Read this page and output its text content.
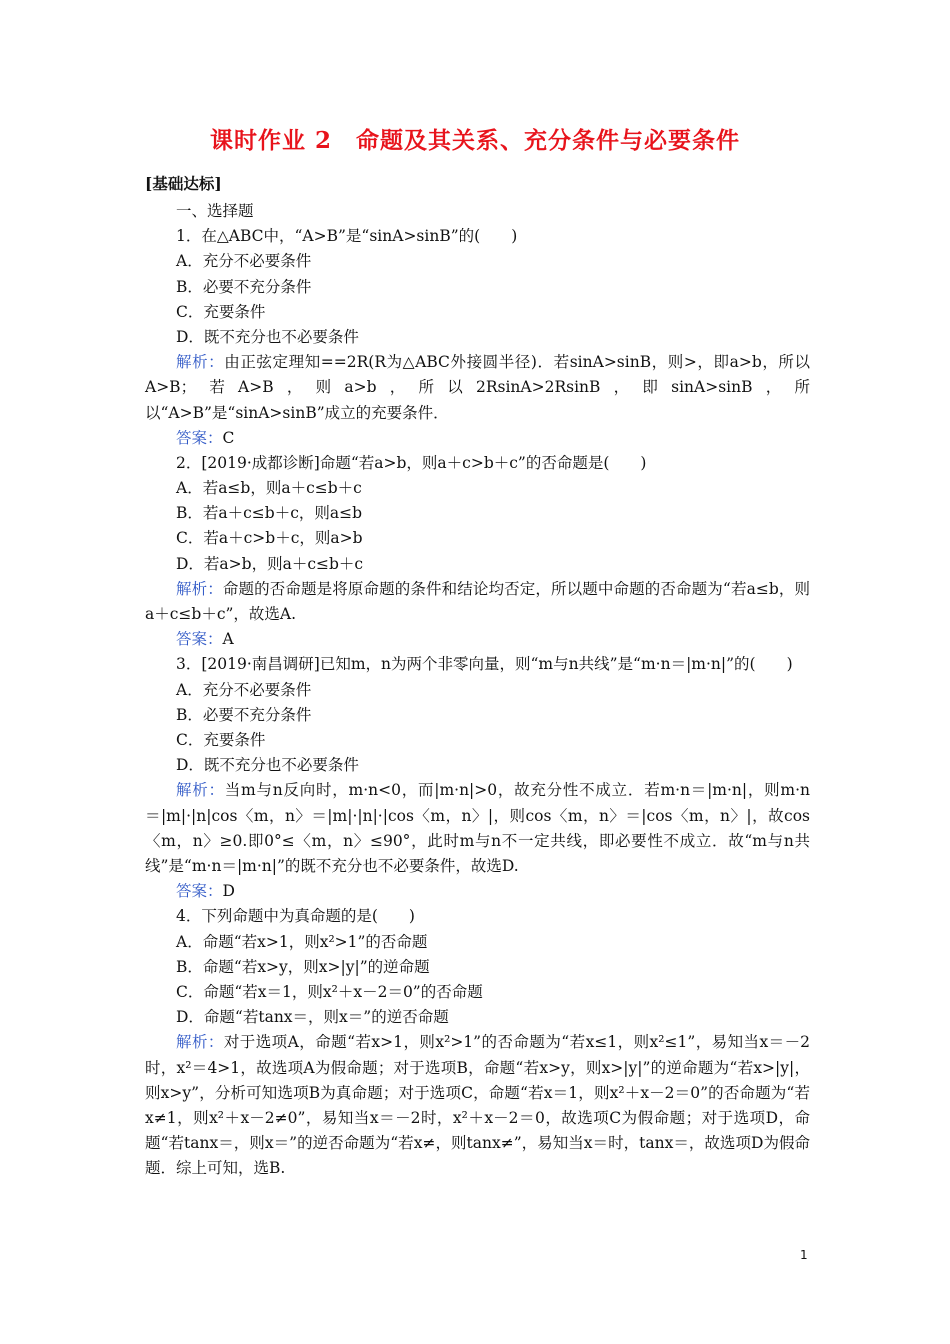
课时作业 2　命题及其关系、充分条件与必要条件
[基础达标]
一、选择题
1．在△ABC中，“A>B”是“sinA>sinB”的(　　)
A．充分不必要条件
B．必要不充分条件
C．充要条件
D．既不充分也不必要条件
解析：由正弦定理知==2R(R为△ABC外接圆半径)．若sinA>sinB，则>，即a>b，所以A>B；若A>B，则a>b，所以2RsinA>2RsinB，即sinA>sinB，所以“A>B”是“sinA>sinB”成立的充要条件．
答案：C
2．[2019·成都诊断]命题“若a>b，则a＋c>b＋c”的否命题是(　　)
A．若a≤b，则a＋c≤b＋c
B．若a＋c≤b＋c，则a≤b
C．若a＋c>b＋c，则a>b
D．若a>b，则a＋c≤b＋c
解析：命题的否命题是将原命题的条件和结论均否定，所以题中命题的否命题为“若a≤b，则a＋c≤b＋c”，故选A.
答案：A
3．[2019·南昌调研]已知m，n为两个非零向量，则“m与n共线”是“m·n＝|m·n|”的(　　)
A．充分不必要条件
B．必要不充分条件
C．充要条件
D．既不充分也不必要条件
解析：当m与n反向时，m·n<0，而|m·n|>0，故充分性不成立．若m·n＝|m·n|，则m·n＝|m|·|n|cos〈m，n〉＝|m|·|n|·|cos〈m，n〉|，则cos〈m，n〉＝|cos〈m，n〉|，故cos〈m，n〉≥0.即0°≤〈m，n〉≤90°，此时m与n不一定共线，即必要性不成立．故“m与n共线”是“m·n＝|m·n|”的既不充分也不必要条件，故选D.
答案：D
4．下列命题中为真命题的是(　　)
A．命题“若x>1，则x²>1”的否命题
B．命题“若x>y，则x>|y|”的逆命题
C．命题“若x＝1，则x²＋x－2＝0”的否命题
D．命题“若tanx＝，则x＝”的逆否命题
解析：对于选项A，命题“若x>1，则x²>1”的否命题为“若x≤1，则x²≤1”，易知当x＝－2时，x²＝4>1，故选项A为假命题；对于选项B，命题“若x>y，则x>|y|”的逆命题为“若x>|y|，则x>y”，分析可知选项B为真命题；对于选项C，命题“若x＝1，则x²＋x－2＝0”的否命题为“若x≠1，则x²＋x－2≠0”，易知当x＝－2时，x²＋x－2＝0，故选项C为假命题；对于选项D，命题“若tanx＝，则x＝”的逆否命题为“若x≠，则tanx≠”，易知当x＝时，tanx＝，故选项D为假命题．综上可知，选B.
1
